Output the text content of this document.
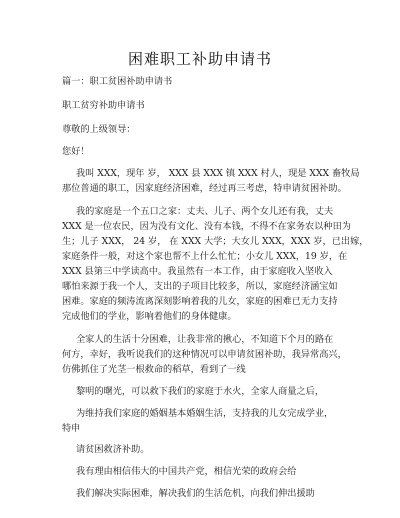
困难职工补助申请书
篇一：职工贫困补助申请书
职工贫穷补助申请书
尊敬的上级领导：
您好！
我叫 XXX，现年 岁， XXX 县 XXX 镇 XXX 村人，现是 XXX 畜牧局
那位普通的职工，因家庭经济困难，经过再三考虑，特申请贫困补助。
我的家庭是一个五口之家：丈夫、儿子、两个女儿还有我，丈夫
XXX 是一位农民，因为没有文化、没有本钱，不得不在家务农以种田为
生；儿子 XXX， 24 岁， 在 XXX 大学；大女儿 XXX，XXX 岁，已出嫁，
家庭条件一般，对这个家也帮不上什么忙忙；小女儿 XXX，19 岁，在
XXX 县第三中学读高中。我虽然有一本工作，由于家庭收入坚收入
哪怕来源于我一个人，支出的子项目比较多，所以，家庭经济涵宝如
困难。家庭的频涛流离深刻影响着我的儿女，家庭的困难已无力支持
完成他们的学业，影响着他们的身体健康。
全家人的生活十分困难，让我非常的揪心，不知道下个月的路在
何方，幸好，我听说我们的这种情况可以申请贫困补助，我异常高兴，
仿佛抓住了光茎一根救命的稻草，看到了一线
黎明的曙光，可以救下我们的家庭于水火，全家人商量之后，
为维持我们家庭的婚姻基本婚姻生活，支持我的儿女完成学业，
特申
请贫困救济补助。
我有理由相信伟大的中国共产党，相信光荣的政府会给
我们解决实际困难，解决我们的生活危机，向我们伸出援助
